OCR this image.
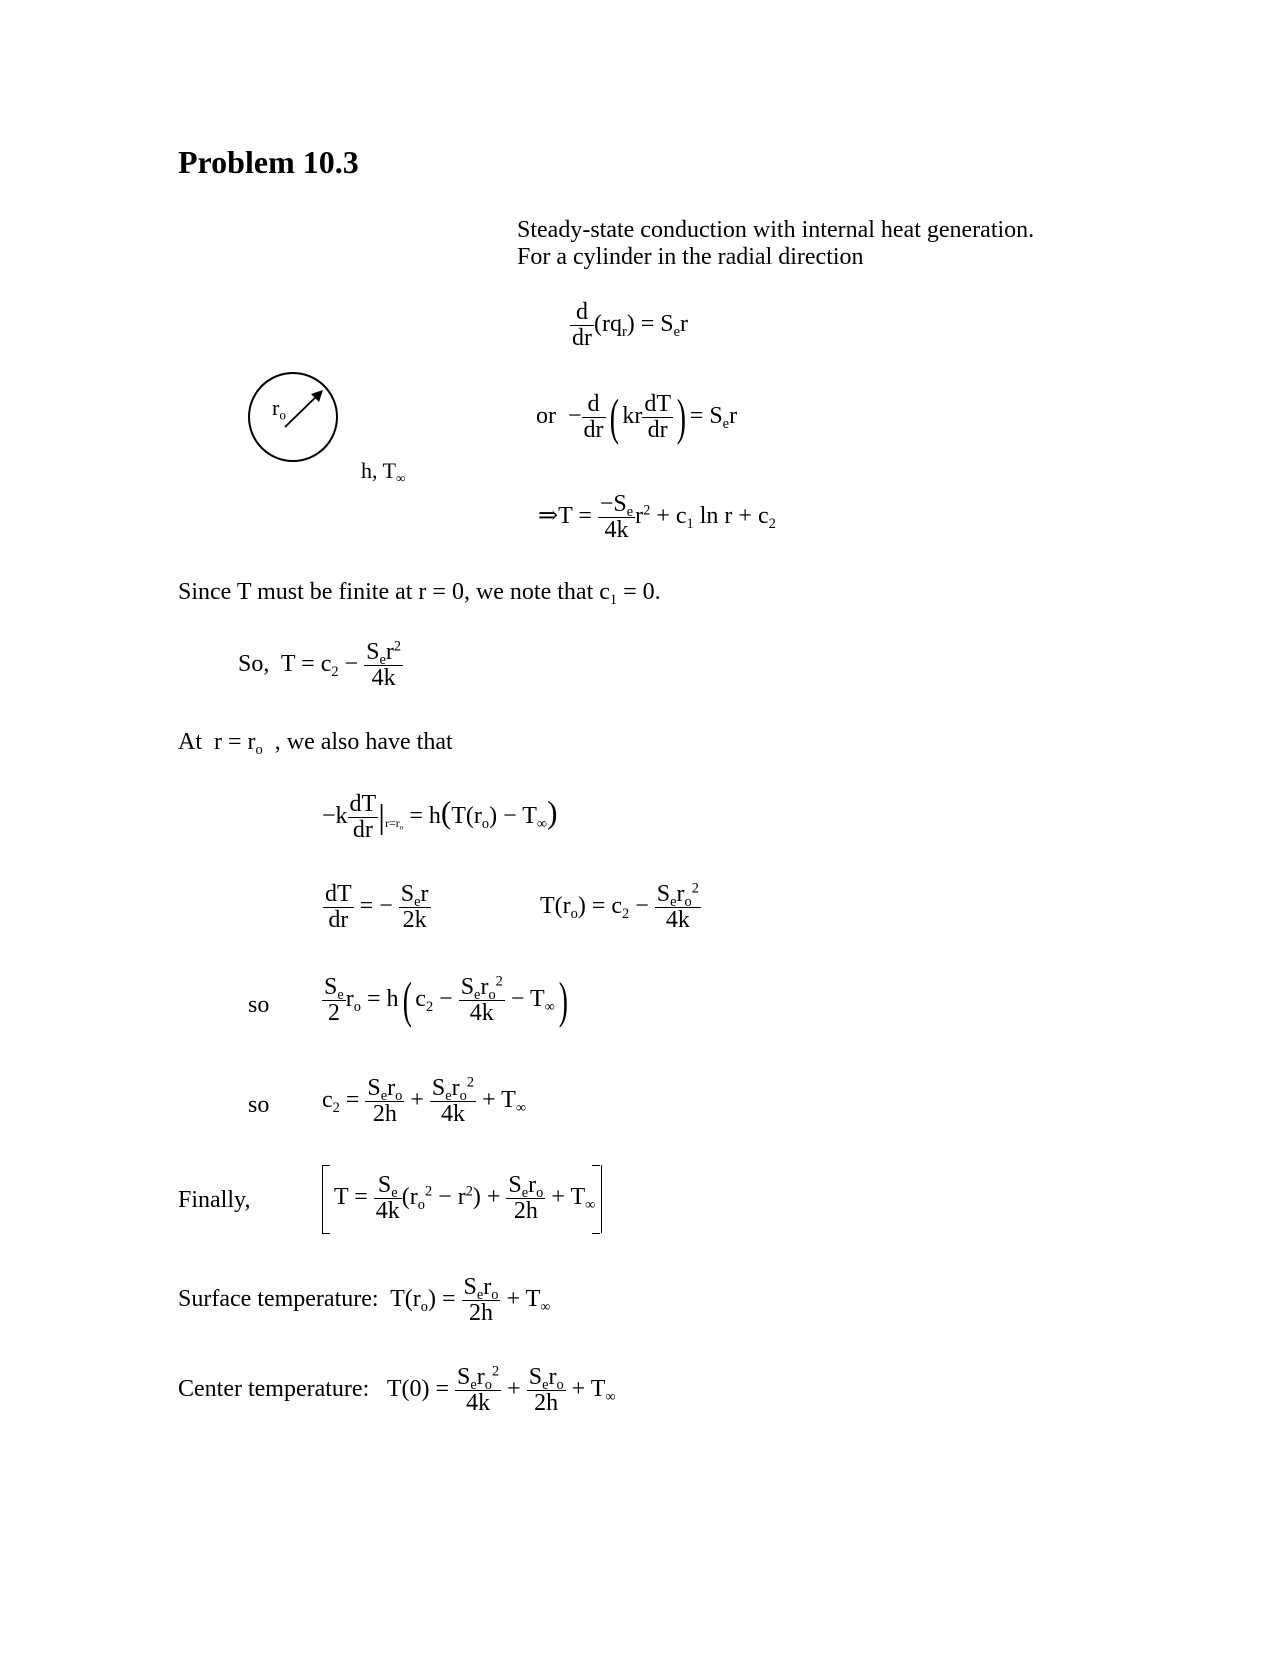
Problem 10.3
Steady-state conduction with internal heat generation.
For a cylinder in the radial direction
$\frac{d}{dr} (rq_r) = S_er$
$r_o$
h, $T_\infty$
or  − $\frac{d}{dr}$ ( kr $\frac{dT}{dr}$ ) = $S_er$
⇒T = $\frac{-S_e}{4k} r^2 + c_1$ $\ln r + c_2$
Since T must be finite at r = 0, we note that $c_1 = 0$.
So,  $T = c_2 - \frac{S_er^2}{4k}$
At  $r = r_o$ , we also have that
$-k \frac{dT}{dr} |_{r=r_o} = h(T(r_o) - T_\infty)$
$\frac{dT}{dr}$ = − $\frac{S_er}{2k}$	$T(r_o) = c_2 - \frac{S_er_o^2}{4k}$
so $\frac{S_e}{2} r_o = h$( $c_2 - \frac{S_er_o^2}{4k} - T_\infty$)
so $c_2 = \frac{S_er_o}{2h} + \frac{S_er_o^2}{4k} + T_\infty$
Finally,	$T = \frac{S_e}{4k} (r_o^2 - r^2) + \frac{S_er_o}{2h} + T_\infty$
Surface temperature:  $T(r_o) = \frac{S_er_o}{2h} + T_\infty$
Center temperature:   $T(0) = \frac{S_er_o^2}{4k} + \frac{S_er_o}{2h} + T_\infty$
